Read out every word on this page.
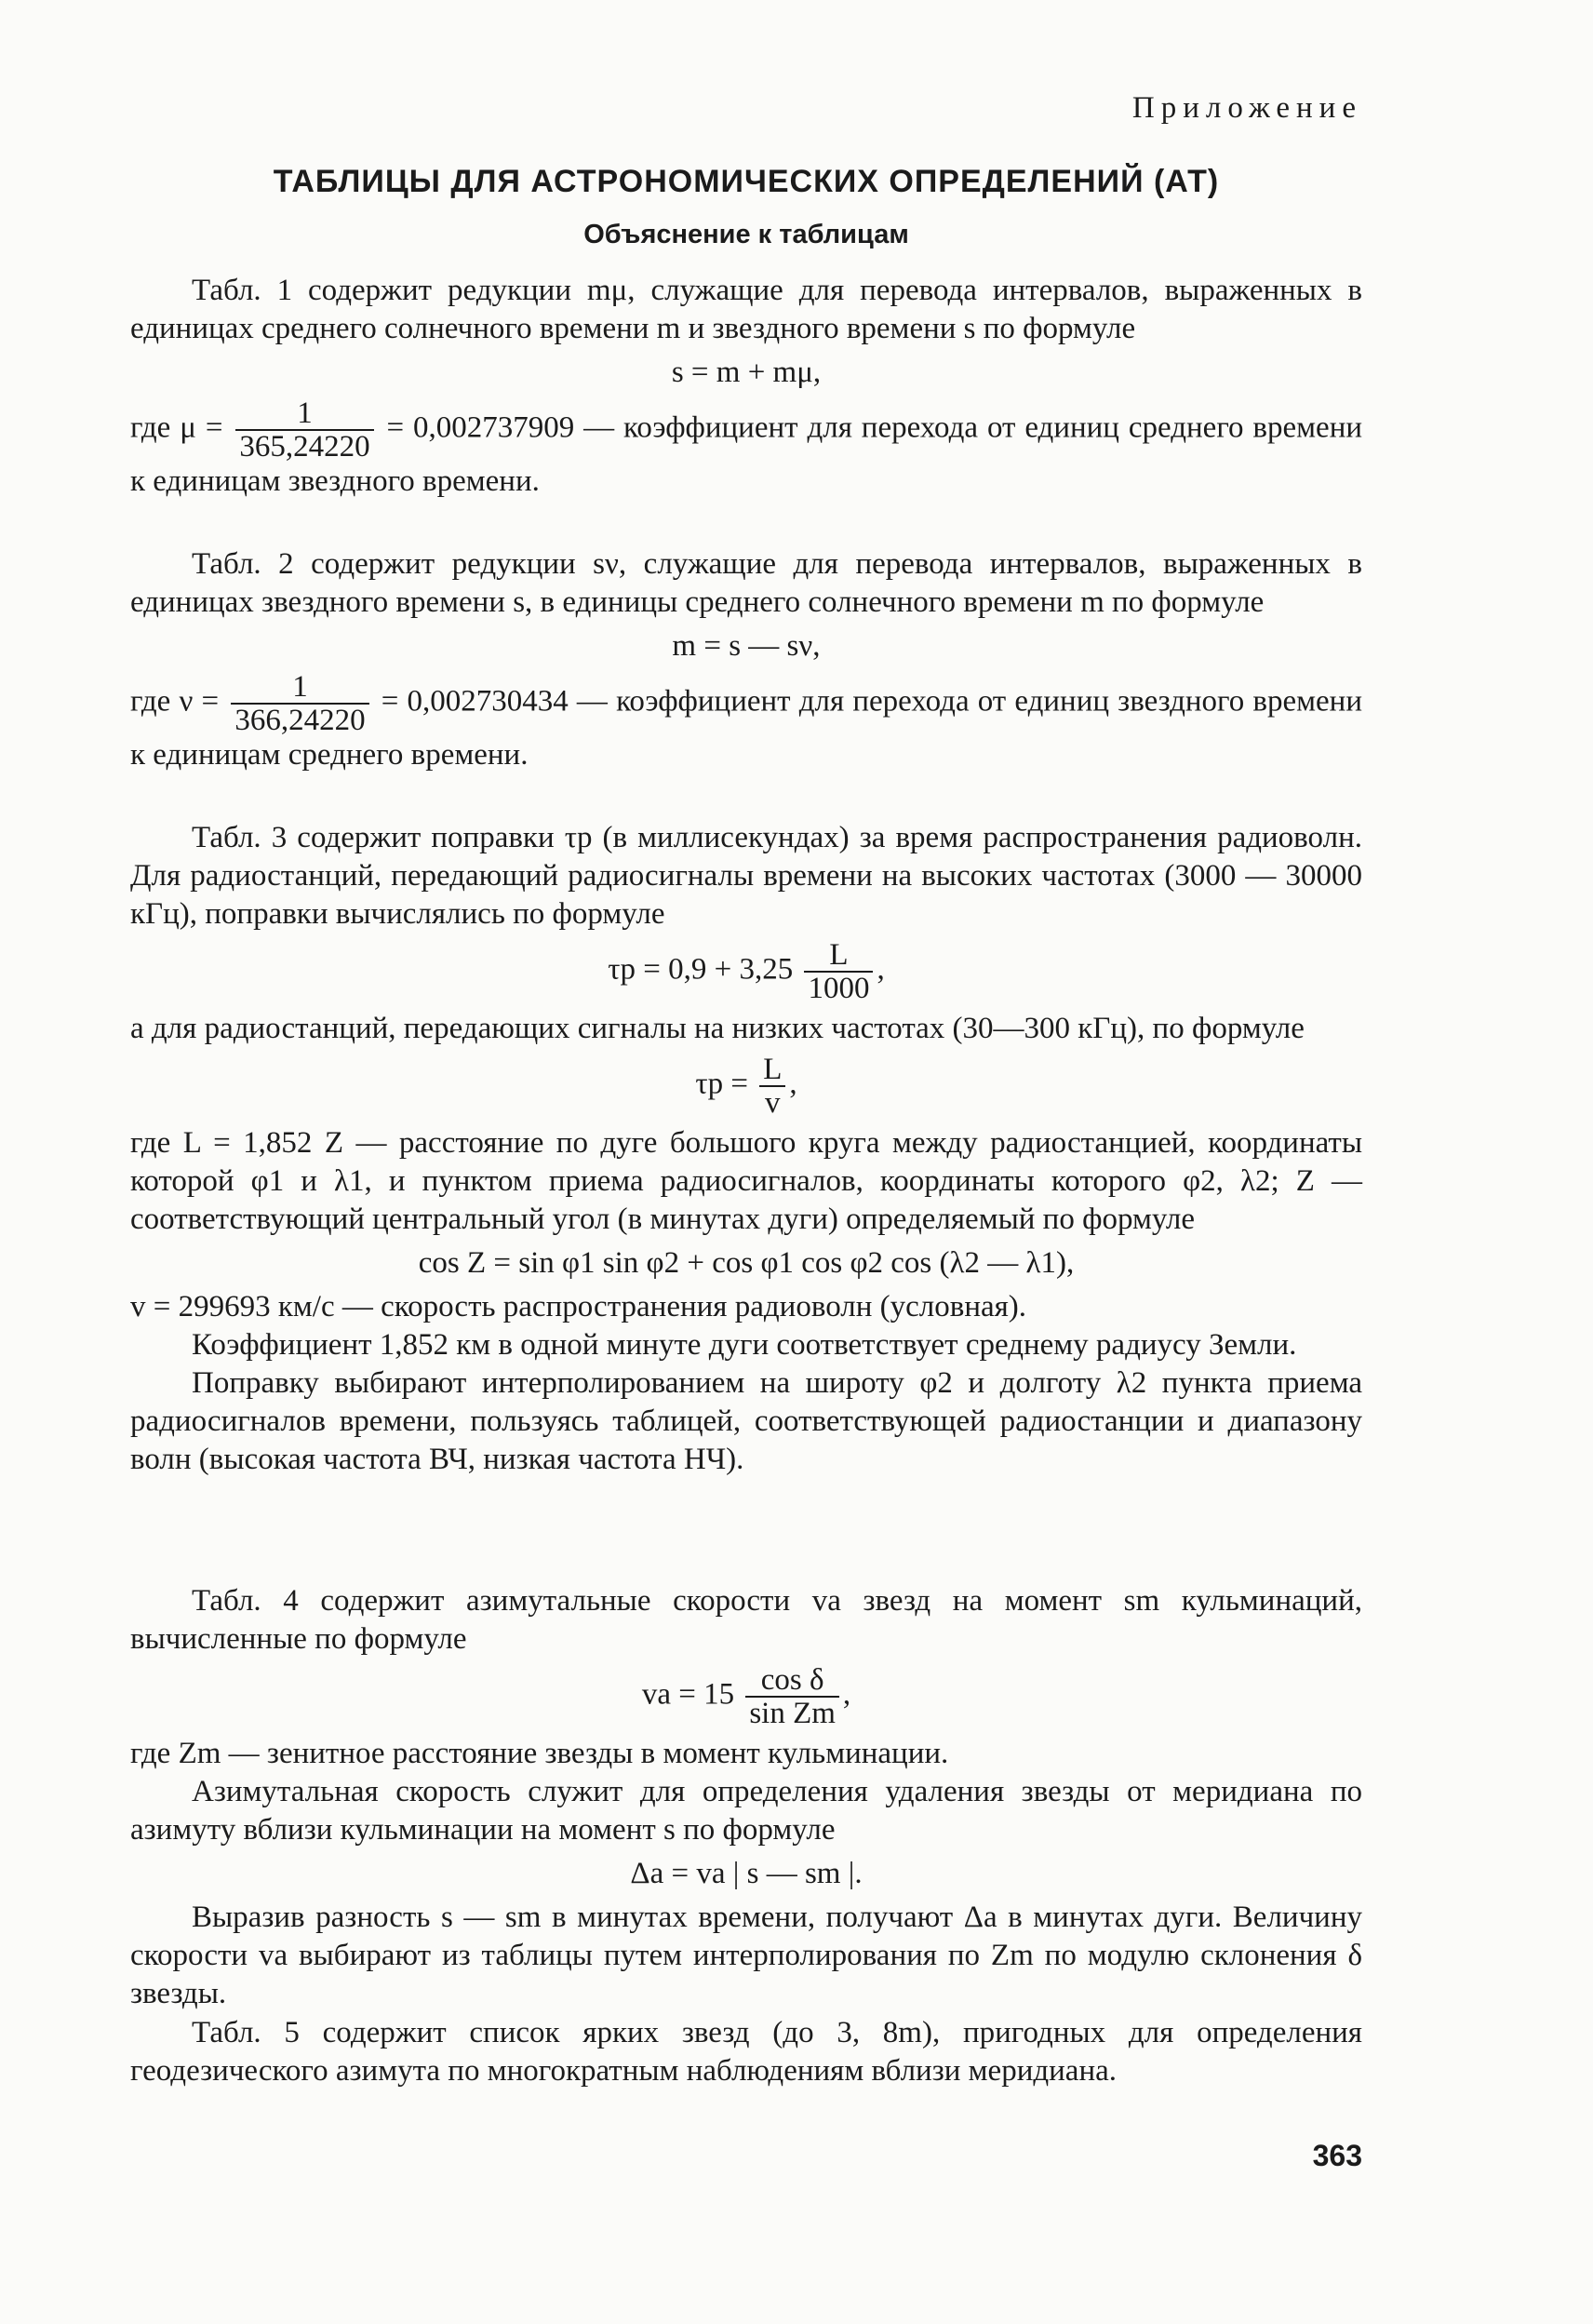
Приложение
ТАБЛИЦЫ ДЛЯ АСТРОНОМИЧЕСКИХ ОПРЕДЕЛЕНИЙ (АТ)
Объяснение к таблицам

Табл. 1 содержит редукции mμ, служащие для перевода интервалов, выраженных в единицах среднего солнечного времени m и звездного времени s по формуле

s = m + mμ,

где $\mu = \frac{1}{365,24220} = 0,002737909$ — коэффициент для перехода от единиц среднего времени к единицам звездного времени.

Табл. 2 содержит редукции sν, служащие для перевода интервалов, выраженных в единицах звездного времени s, в единицы среднего солнечного времени m по формуле

m = s — sν,

где $\nu = \frac{1}{366,24220} = 0,002730434$ — коэффициент для перехода от единиц звездного времени к единицам среднего времени.

Табл. 3 содержит поправки τp (в миллисекундах) за время распространения радиоволн. Для радиостанций, передающий радиосигналы времени на высоких частотах (3000 — 30000 кГц), поправки вычислялись по формуле

$\tau p = 0,9 + 3,25 \frac{L}{1000}$ ,

а для радиостанций, передающих сигналы на низких частотах (30—300 кГц), по формуле

$\tau p = \frac{L}{v}$ ,

где L = 1,852 Z — расстояние по дуге большого круга между радиостанцией, координаты которой φ1 и λ1, и пунктом приема радиосигналов, координаты которого φ2, λ2; Z — соответствующий центральный угол (в минутах дуги) определяемый по формуле

cos Z = sin φ1 sin φ2 + cos φ1 cos φ2 cos (λ2 — λ1),

v = 299693 км/с — скорость распространения радиоволн (условная).

Коэффициент 1,852 км в одной минуте дуги соответствует среднему радиусу Земли.

Поправку выбирают интерполированием на широту φ2 и долготу λ2 пункта приема радиосигналов времени, пользуясь таблицей, соответствующей радиостанции и диапазону волн (высокая частота ВЧ, низкая частота НЧ).

Табл. 4 содержит азимутальные скорости va звезд на момент sm кульминаций, вычисленные по формуле

va = $15 \frac{\text{cos δ}}{\text{sin Zm}}$ ,

где Zm — зенитное расстояние звезды в момент кульминации.

Азимутальная скорость служит для определения удаления звезды от меридиана по азимуту вблизи кульминации на момент s по формуле

Δa = va | s — sm |.

Выразив разность s — sm в минутах времени, получают Δa в минутах дуги. Величину скорости va выбирают из таблицы путем интерполирования по Zm по модулю склонения δ звезды.

Табл. 5 содержит список ярких звезд (до 3, 8m), пригодных для определения геодезического азимута по многократным наблюдениям вблизи меридиана.

363
